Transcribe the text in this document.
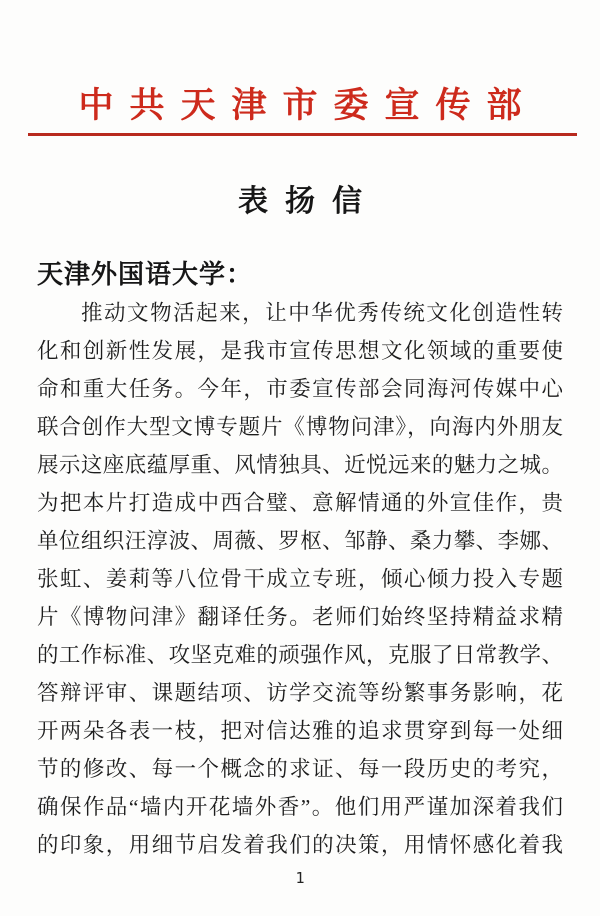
中共天津市委宣传部
表扬信
天津外国语大学：

推动文物活起来，让中华优秀传统文化创造性转

化和创新性发展，是我市宣传思想文化领域的重要使

命和重大任务。今年，市委宣传部会同海河传媒中心

联合创作大型文博专题片《博物问津》，向海内外朋友

展示这座底蕴厚重、风情独具、近悦远来的魅力之城。

为把本片打造成中西合璧、意解情通的外宣佳作，贵

单位组织汪淳波、周薇、罗枢、邹静、桑力攀、李娜、

张虹、姜莉等八位骨干成立专班，倾心倾力投入专题

片《博物问津》翻译任务。老师们始终坚持精益求精

的工作标准、攻坚克难的顽强作风，克服了日常教学、

答辩评审、课题结项、访学交流等纷繁事务影响，花

开两朵各表一枝，把对信达雅的追求贯穿到每一处细

节的修改、每一个概念的求证、每一段历史的考究，

确保作品“墙内开花墙外香”。他们用严谨加深着我们

的印象，用细节启发着我们的决策，用情怀感化着我

1
